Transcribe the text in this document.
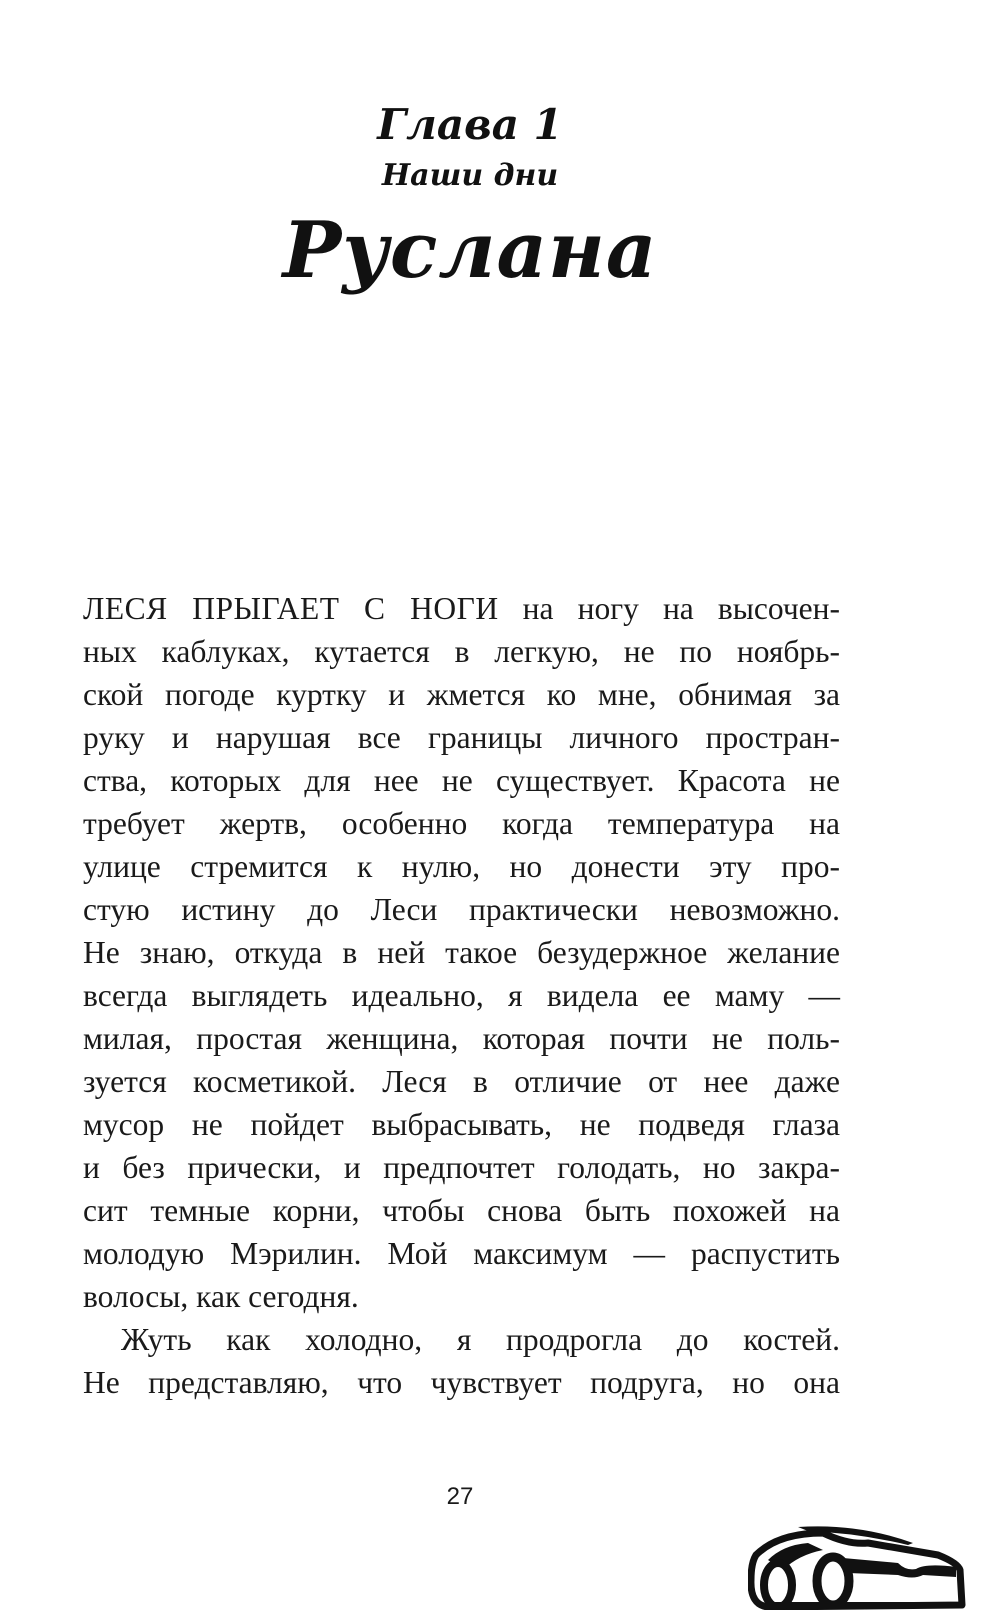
Глава 1
Наши дни
Руслана
ЛЕСЯ ПРЫГАЕТ С НОГИ на ногу на высочен-
ных каблуках, кутается в легкую, не по ноябрь-
ской погоде куртку и жмется ко мне, обнимая за
руку и нарушая все границы личного простран-
ства, которых для нее не существует. Красота не
требует жертв, особенно когда температура на
улице стремится к нулю, но донести эту про-
стую истину до Леси практически невозможно.
Не знаю, откуда в ней такое безудержное желание
всегда выглядеть идеально, я видела ее маму —
милая, простая женщина, которая почти не поль-
зуется косметикой. Леся в отличие от нее даже
мусор не пойдет выбрасывать, не подведя глаза
и без прически, и предпочтет голодать, но закра-
сит темные корни, чтобы снова быть похожей на
молодую Мэрилин. Мой максимум — распустить
волосы, как сегодня.
Жуть как холодно, я продрогла до костей.
Не представляю, что чувствует подруга, но она
27
